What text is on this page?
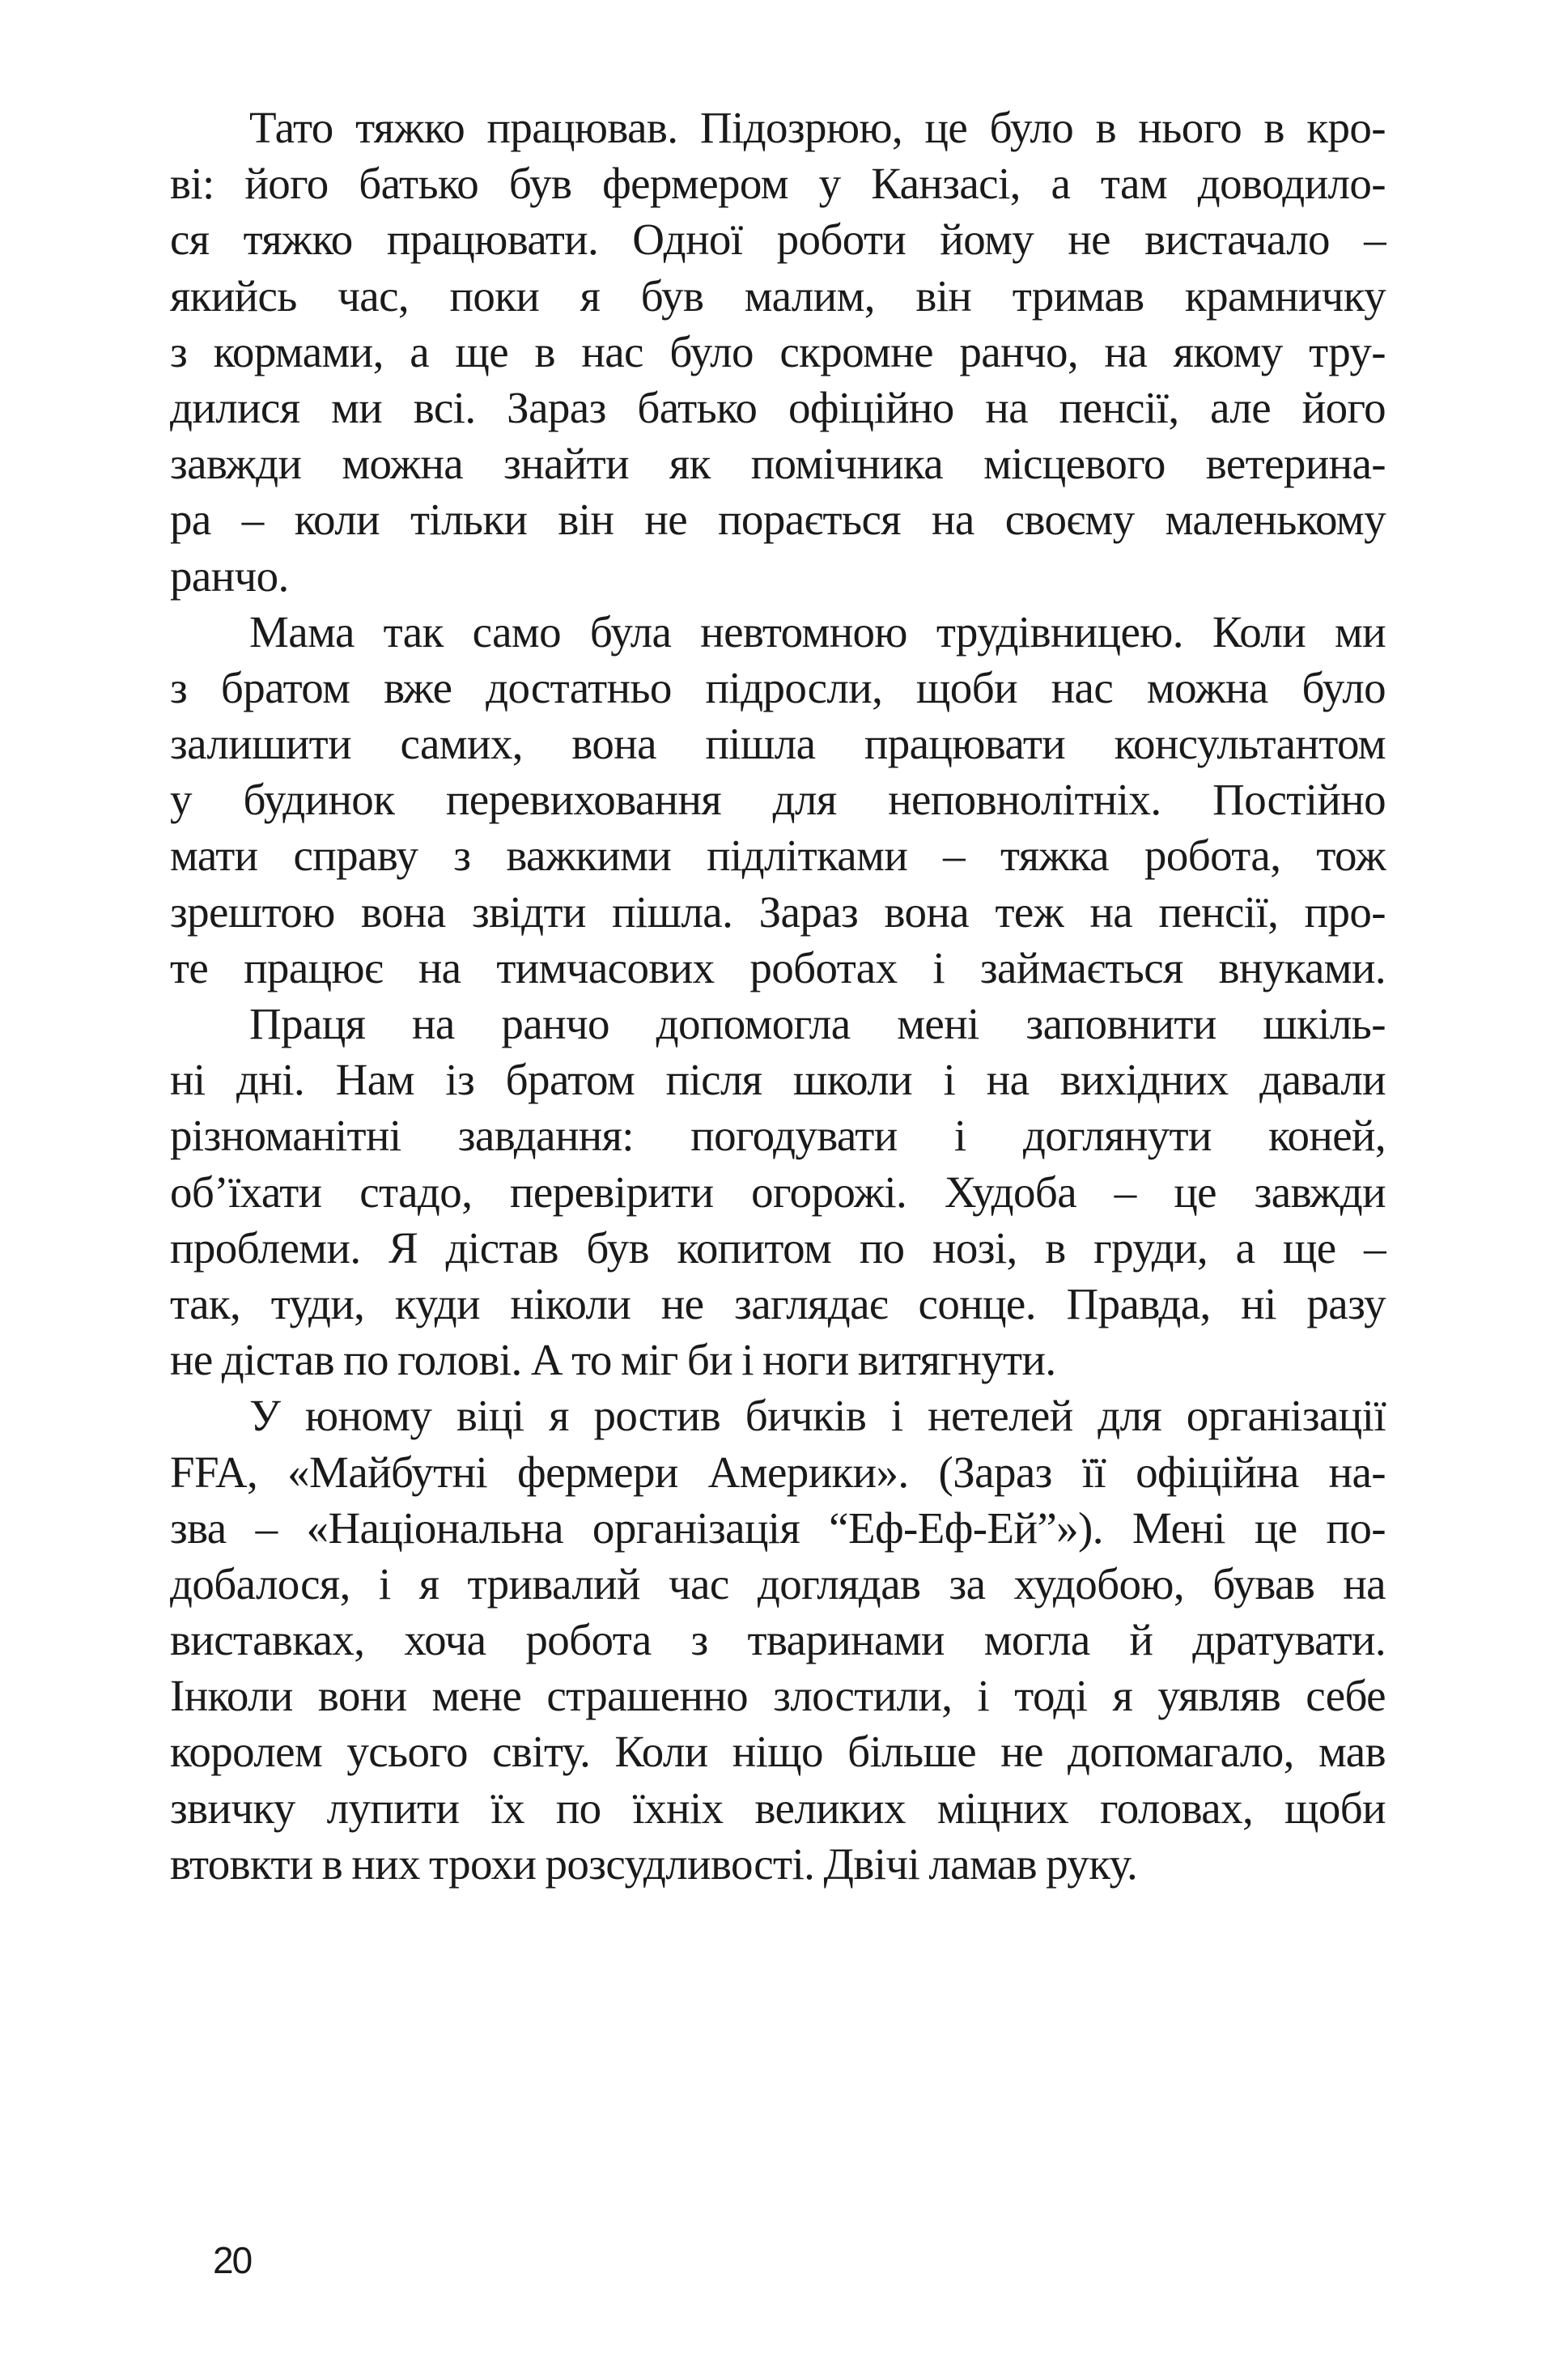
Тато тяжко працював. Підозрюю, це було в нього в кро-
ві: його батько був фермером у Канзасі, а там доводило-
ся тяжко працювати. Одної роботи йому не вистачало –
якийсь час, поки я був малим, він тримав крамничку
з кормами, а ще в нас було скромне ранчо, на якому тру-
дилися ми всі. Зараз батько офіційно на пенсії, але його
завжди можна знайти як помічника місцевого ветерина-
ра – коли тільки він не порається на своєму маленькому
ранчо.
Мама так само була невтомною трудівницею. Коли ми
з братом вже достатньо підросли, щоби нас можна було
залишити самих, вона пішла працювати консультантом
у будинок перевиховання для неповнолітніх. Постійно
мати справу з важкими підлітками – тяжка робота, тож
зрештою вона звідти пішла. Зараз вона теж на пенсії, про-
те працює на тимчасових роботах і займається внуками.
Праця на ранчо допомогла мені заповнити шкіль-
ні дні. Нам із братом після школи і на вихідних давали
різноманітні завдання: погодувати і доглянути коней,
об’їхати стадо, перевірити огорожі. Худоба – це завжди
проблеми. Я дістав був копитом по нозі, в груди, а ще –
так, туди, куди ніколи не заглядає сонце. Правда, ні разу
не дістав по голові. А то міг би і ноги витягнути.
У юному віці я ростив бичків і нетелей для організації
FFA, «Майбутні фермери Америки». (Зараз її офіційна на-
зва – «Національна організація “Еф-Еф-Ей”»). Мені це по-
добалося, і я тривалий час доглядав за худобою, бував на
виставках, хоча робота з тваринами могла й дратувати.
Інколи вони мене страшенно злостили, і тоді я уявляв себе
королем усього світу. Коли ніщо більше не допомагало, мав
звичку лупити їх по їхніх великих міцних головах, щоби
втовкти в них трохи розсудливості. Двічі ламав руку.
20
